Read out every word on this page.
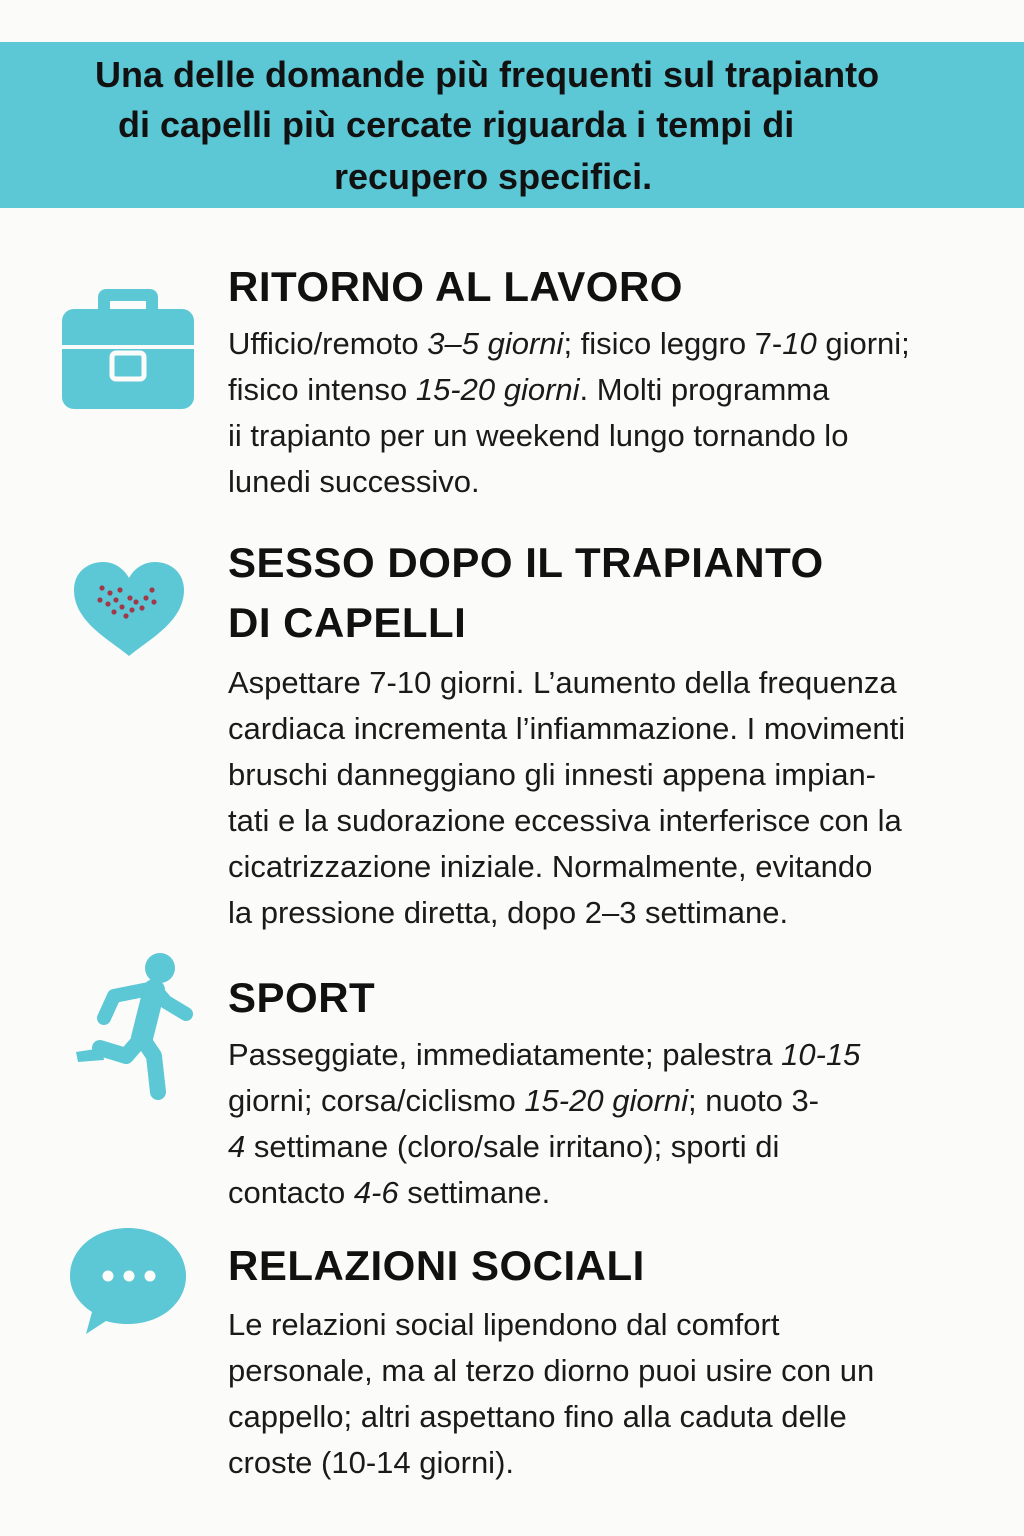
Una delle domande più frequenti sul trapianto
di capelli più cercate riguarda i tempi di
recupero specifici.
RITORNO AL LAVORO
Ufficio/remoto 3–5 giorni; fisico leggro 7-10 giorni;
fisico intenso 15-20 giorni. Molti programma
ii trapianto per un weekend lungo tornando lo
lunedi successivo.
SESSO DOPO IL TRAPIANTO
DI CAPELLI
Aspettare 7-10 giorni. L’aumento della frequenza
cardiaca incrementa l’infiammazione. I movimenti
bruschi danneggiano gli innesti appena impian-
tati e la sudorazione eccessiva interferisce con la
cicatrizzazione iniziale. Normalmente, evitando
la pressione diretta, dopo 2–3 settimane.
SPORT
Passeggiate, immediatamente; palestra 10-15
giorni; corsa/ciclismo 15-20 giorni; nuoto 3-
4 settimane (cloro/sale irritano); sporti di
contacto 4-6 settimane.
RELAZIONI SOCIALI
Le relazioni social lipendono dal comfort
personale, ma al terzo diorno puoi usire con un
cappello; altri aspettano fino alla caduta delle
croste (10-14 giorni).
